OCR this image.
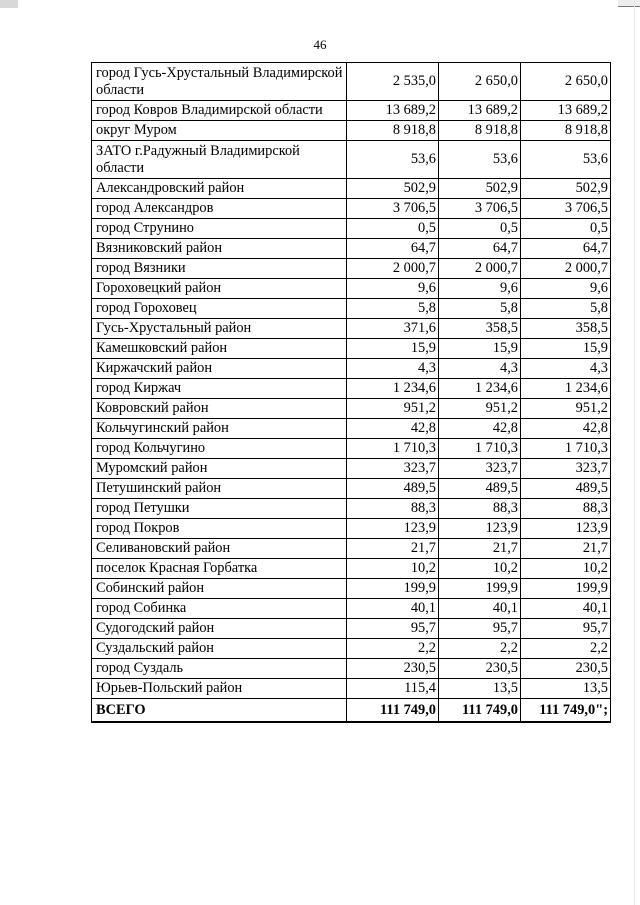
46
город Гусь-Хрустальный Владимирской области	2 535,0	2 650,0	2 650,0
город Ковров Владимирской области	13 689,2	13 689,2	13 689,2
округ Муром	8 918,8	8 918,8	8 918,8
ЗАТО г.Радужный Владимирской области	53,6	53,6	53,6
Александровский район	502,9	502,9	502,9
город Александров	3 706,5	3 706,5	3 706,5
город Струнино	0,5	0,5	0,5
Вязниковский район	64,7	64,7	64,7
город Вязники	2 000,7	2 000,7	2 000,7
Гороховецкий район	9,6	9,6	9,6
город Гороховец	5,8	5,8	5,8
Гусь-Хрустальный район	371,6	358,5	358,5
Камешковский район	15,9	15,9	15,9
Киржачский район	4,3	4,3	4,3
город Киржач	1 234,6	1 234,6	1 234,6
Ковровский район	951,2	951,2	951,2
Кольчугинский район	42,8	42,8	42,8
город Кольчугино	1 710,3	1 710,3	1 710,3
Муромский район	323,7	323,7	323,7
Петушинский район	489,5	489,5	489,5
город Петушки	88,3	88,3	88,3
город Покров	123,9	123,9	123,9
Селивановский район	21,7	21,7	21,7
поселок Красная Горбатка	10,2	10,2	10,2
Собинский район	199,9	199,9	199,9
город Собинка	40,1	40,1	40,1
Судогодский район	95,7	95,7	95,7
Суздальский район	2,2	2,2	2,2
город Суздаль	230,5	230,5	230,5
Юрьев-Польский район	115,4	13,5	13,5
ВСЕГО	111 749,0	111 749,0	111 749,0";
